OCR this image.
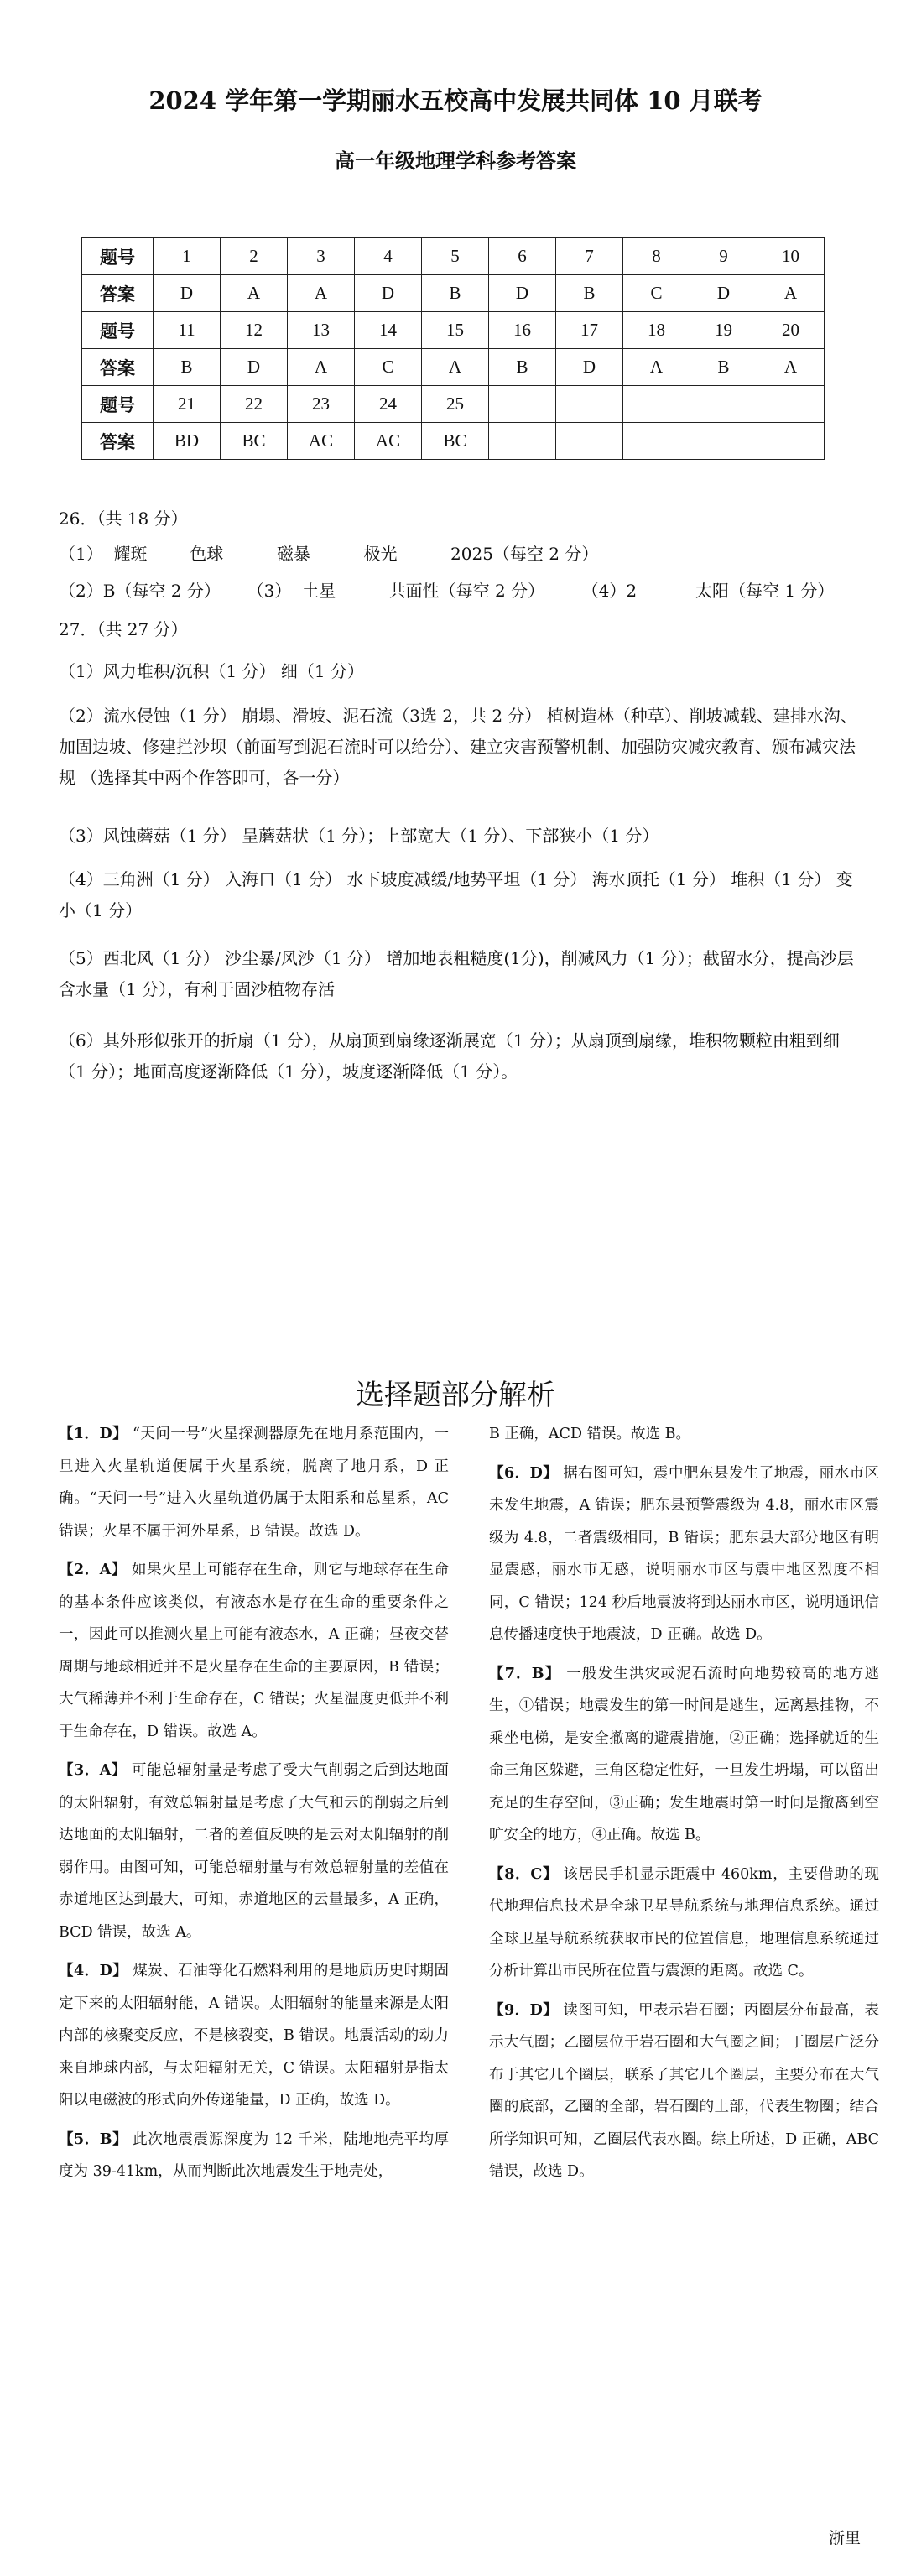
2024 学年第一学期丽水五校高中发展共同体 10 月联考
高一年级地理学科参考答案
题号	1	2	3	4	5	6	7	8	9	10
答案	D	A	A	D	B	D	B	C	D	A
题号	11	12	13	14	15	16	17	18	19	20
答案	B	D	A	C	A	B	D	A	B	A
题号	21	22	23	24	25					
答案	BD	BC	AC	AC	BC					
26．（共 18 分）
（1）  耀斑        色球          磁暴          极光          2025（每空 2 分）
（2）B（每空 2 分）     （3）  土星          共面性（每空 2 分）       （4）2           太阳（每空 1 分）
27．（共 27 分）
（1）风力堆积/沉积（1 分） 细（1 分）
（2）流水侵蚀（1 分） 崩塌、滑坡、泥石流（3选 2，共 2 分） 植树造林（种草）、削坡减载、建排水沟、加固边坡、修建拦沙坝（前面写到泥石流时可以给分）、建立灾害预警机制、加强防灾减灾教育、颁布减灾法规 （选择其中两个作答即可，各一分）
（3）风蚀蘑菇（1 分） 呈蘑菇状（1 分）；上部宽大（1 分）、下部狭小（1 分）
（4）三角洲（1 分） 入海口（1 分） 水下坡度减缓/地势平坦（1 分） 海水顶托（1 分） 堆积（1 分） 变小（1 分）
（5）西北风（1 分） 沙尘暴/风沙（1 分） 增加地表粗糙度(1分)，削减风力（1 分）；截留水分，提高沙层含水量（1 分），有利于固沙植物存活
（6）其外形似张开的折扇（1 分），从扇顶到扇缘逐渐展宽（1 分）；从扇顶到扇缘，堆积物颗粒由粗到细（1 分）；地面高度逐渐降低（1 分），坡度逐渐降低（1 分）。
选择题部分解析

【1．D】 “天问一号”火星探测器原先在地月系范围内，一旦进入火星轨道便属于火星系统，脱离了地月系，D 正确。“天问一号”进入火星轨道仍属于太阳系和总星系，AC 错误；火星不属于河外星系，B 错误。故选 D。

【2．A】 如果火星上可能存在生命，则它与地球存在生命的基本条件应该类似，有液态水是存在生命的重要条件之一，因此可以推测火星上可能有液态水，A 正确；昼夜交替周期与地球相近并不是火星存在生命的主要原因，B 错误；大气稀薄并不利于生命存在，C 错误；火星温度更低并不利于生命存在，D 错误。故选 A。

【3．A】 可能总辐射量是考虑了受大气削弱之后到达地面的太阳辐射，有效总辐射量是考虑了大气和云的削弱之后到达地面的太阳辐射，二者的差值反映的是云对太阳辐射的削弱作用。由图可知，可能总辐射量与有效总辐射量的差值在赤道地区达到最大，可知，赤道地区的云量最多，A 正确，BCD 错误，故选 A。

【4．D】 煤炭、石油等化石燃料利用的是地质历史时期固定下来的太阳辐射能，A 错误。太阳辐射的能量来源是太阳内部的核聚变反应，不是核裂变，B 错误。地震活动的动力来自地球内部，与太阳辐射无关，C 错误。太阳辐射是指太阳以电磁波的形式向外传递能量，D 正确，故选 D。

【5．B】 此次地震震源深度为 12 千米，陆地地壳平均厚度为 39-41km，从而判断此次地震发生于地壳处，

B 正确，ACD 错误。故选 B。

【6．D】 据右图可知，震中肥东县发生了地震，丽水市区未发生地震，A 错误；肥东县预警震级为 4.8，丽水市区震级为 4.8，二者震级相同，B 错误；肥东县大部分地区有明显震感，丽水市无感，说明丽水市区与震中地区烈度不相同，C 错误；124 秒后地震波将到达丽水市区，说明通讯信息传播速度快于地震波，D 正确。故选 D。

【7．B】 一般发生洪灾或泥石流时向地势较高的地方逃生，①错误；地震发生的第一时间是逃生，远离悬挂物，不乘坐电梯，是安全撤离的避震措施，②正确；选择就近的生命三角区躲避，三角区稳定性好，一旦发生坍塌，可以留出充足的生存空间，③正确；发生地震时第一时间是撤离到空旷安全的地方，④正确。故选 B。

【8．C】 该居民手机显示距震中 460km，主要借助的现代地理信息技术是全球卫星导航系统与地理信息系统。通过全球卫星导航系统获取市民的位置信息，地理信息系统通过分析计算出市民所在位置与震源的距离。故选 C。

【9．D】 读图可知，甲表示岩石圈；丙圈层分布最高，表示大气圈；乙圈层位于岩石圈和大气圈之间；丁圈层广泛分布于其它几个圈层，联系了其它几个圈层，主要分布在大气圈的底部，乙圈的全部，岩石圈的上部，代表生物圈；结合所学知识可知，乙圈层代表水圈。综上所述，D 正确，ABC 错误，故选 D。

浙里
